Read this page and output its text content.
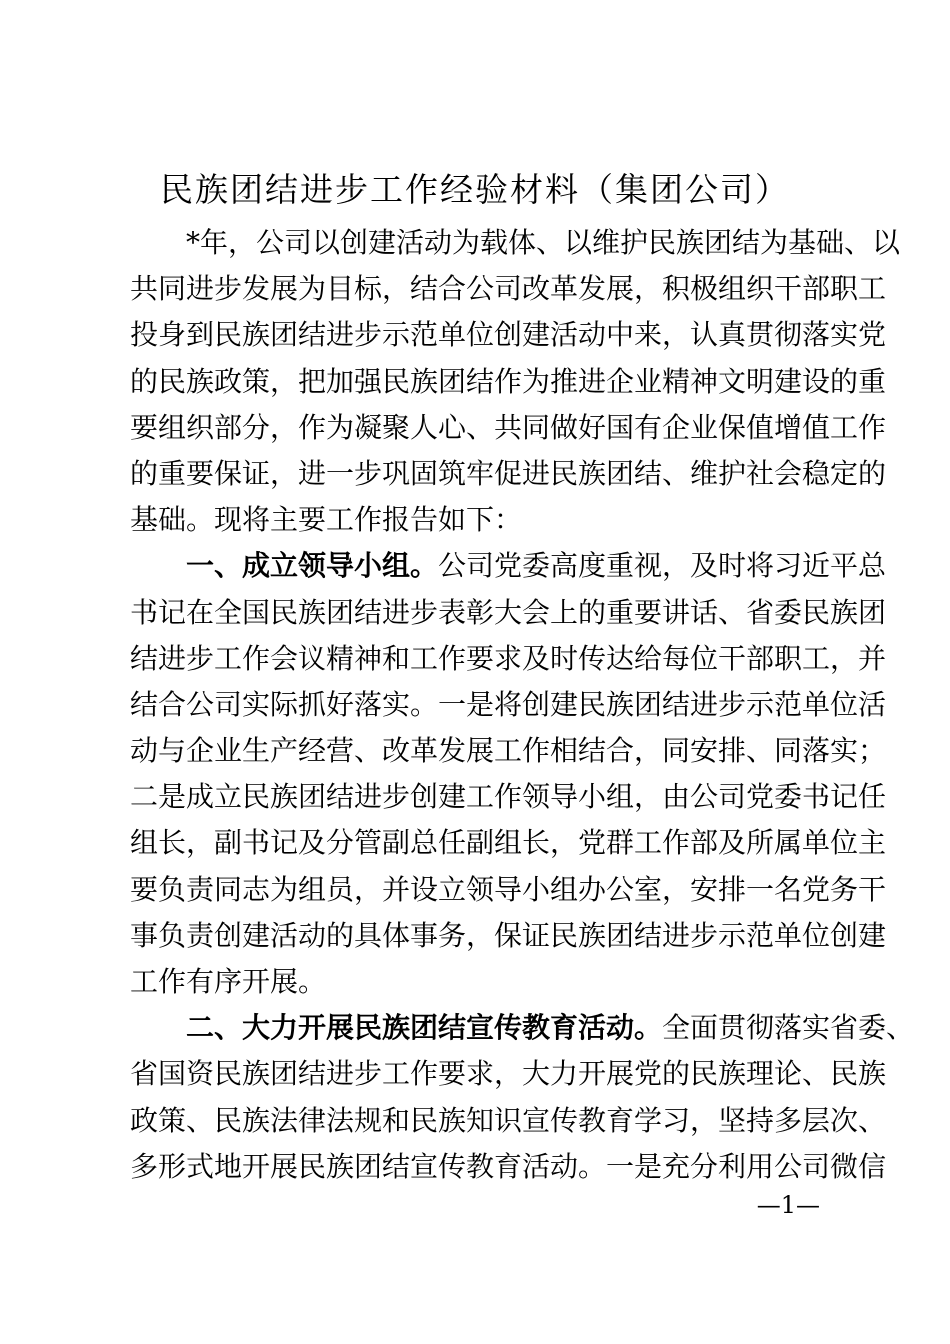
民族团结进步工作经验材料（集团公司）
*年，公司以创建活动为载体、以维护民族团结为基础、以
共同进步发展为目标，结合公司改革发展，积极组织干部职工
投身到民族团结进步示范单位创建活动中来，认真贯彻落实党
的民族政策，把加强民族团结作为推进企业精神文明建设的重
要组织部分，作为凝聚人心、共同做好国有企业保值增值工作
的重要保证，进一步巩固筑牢促进民族团结、维护社会稳定的
基础。现将主要工作报告如下：
一、成立领导小组。公司党委高度重视，及时将习近平总
书记在全国民族团结进步表彰大会上的重要讲话、省委民族团
结进步工作会议精神和工作要求及时传达给每位干部职工，并
结合公司实际抓好落实。一是将创建民族团结进步示范单位活
动与企业生产经营、改革发展工作相结合，同安排、同落实；
二是成立民族团结进步创建工作领导小组，由公司党委书记任
组长，副书记及分管副总任副组长，党群工作部及所属单位主
要负责同志为组员，并设立领导小组办公室，安排一名党务干
事负责创建活动的具体事务，保证民族团结进步示范单位创建
工作有序开展。
二、大力开展民族团结宣传教育活动。全面贯彻落实省委、
省国资民族团结进步工作要求，大力开展党的民族理论、民族
政策、民族法律法规和民族知识宣传教育学习，坚持多层次、
多形式地开展民族团结宣传教育活动。一是充分利用公司微信
—1—
